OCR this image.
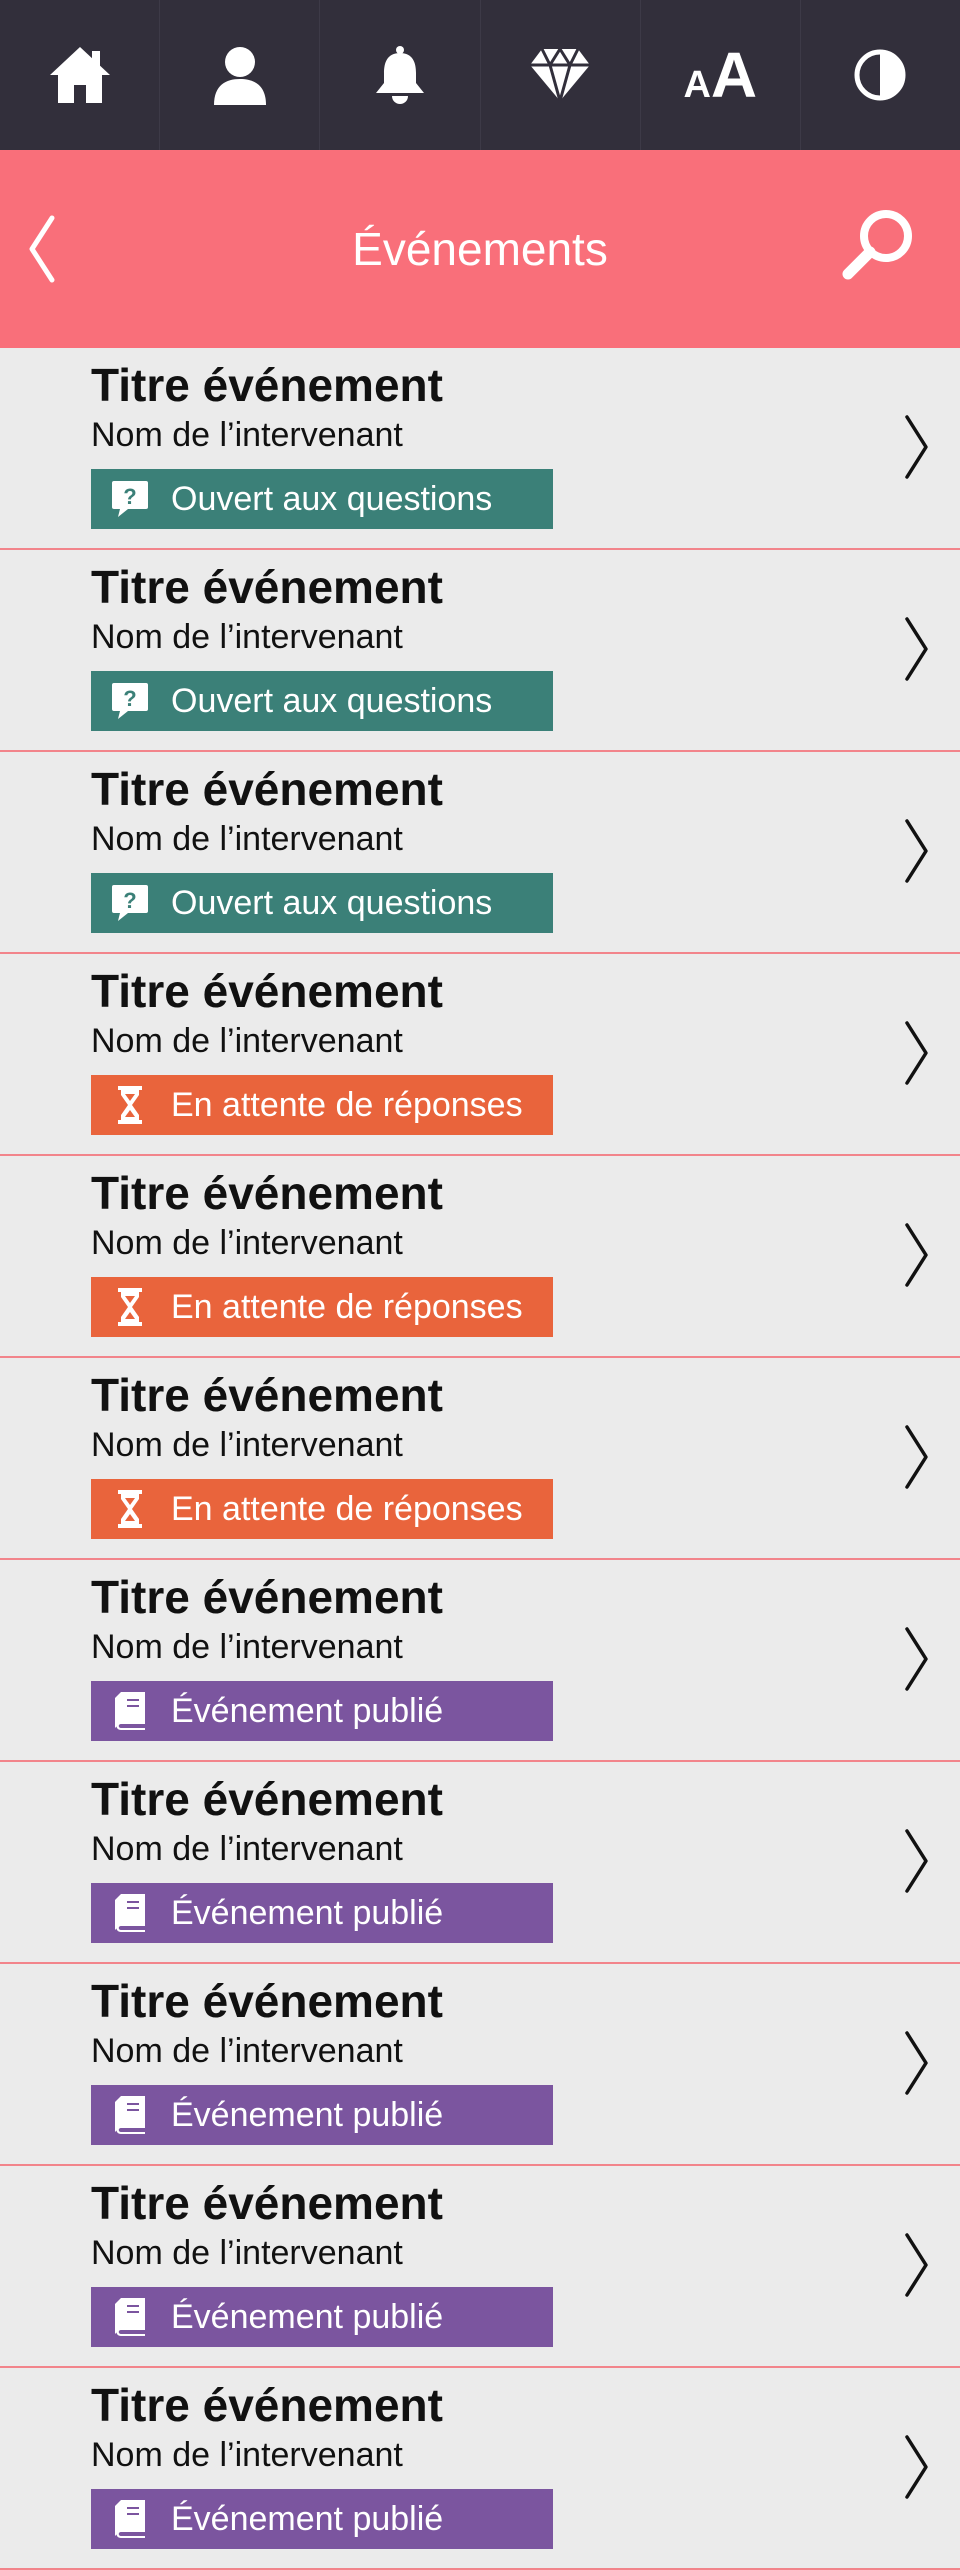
AA
Événements
Titre événement
Nom de l’intervenant
? Ouvert aux questions
Titre événement
Nom de l’intervenant
? Ouvert aux questions
Titre événement
Nom de l’intervenant
? Ouvert aux questions
Titre événement
Nom de l’intervenant
En attente de réponses
Titre événement
Nom de l’intervenant
En attente de réponses
Titre événement
Nom de l’intervenant
En attente de réponses
Titre événement
Nom de l’intervenant
Événement publié
Titre événement
Nom de l’intervenant
Événement publié
Titre événement
Nom de l’intervenant
Événement publié
Titre événement
Nom de l’intervenant
Événement publié
Titre événement
Nom de l’intervenant
Événement publié
